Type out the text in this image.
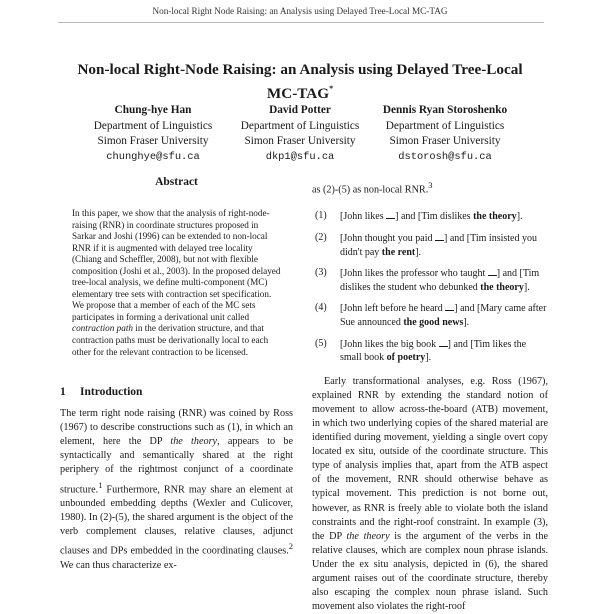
Non-local Right Node Raising: an Analysis using Delayed Tree-Local MC-TAG
Non-local Right-Node Raising: an Analysis using Delayed Tree-Local
MC-TAG*
Chung-hye Han
Department of Linguistics
Simon Fraser University
chunghye@sfu.ca
David Potter
Department of Linguistics
Simon Fraser University
dkp1@sfu.ca
Dennis Ryan Storoshenko
Department of Linguistics
Simon Fraser University
dstorosh@sfu.ca
Abstract
In this paper, we show that the analysis of right-node-raising (RNR) in coordinate structures proposed in Sarkar and Joshi (1996) can be extended to non-local RNR if it is augmented with delayed tree locality (Chiang and Scheffler, 2008), but not with flexible composition (Joshi et al., 2003). In the proposed delayed tree-local analysis, we define multi-component (MC) elementary tree sets with contraction set specification. We propose that a member of each of the MC sets participates in forming a derivational unit called contraction path in the derivation structure, and that contraction paths must be derivationally local to each other for the relevant contraction to be licensed.
1 Introduction
The term right node raising (RNR) was coined by Ross (1967) to describe constructions such as (1), in which an element, here the DP the theory, appears to be syntactically and semantically shared at the right periphery of the rightmost conjunct of a coordinate structure.$^1$ Furthermore, RNR may share an element at unbounded embedding depths (Wexler and Culicover, 1980). In (2)-(5), the shared argument is the object of the verb complement clauses, relative clauses, adjunct clauses and DPs embedded in the coordinating clauses.$^2$ We can thus characterize ex-
as (2)-(5) as non-local RNR.$^3$
(1)	[John likes ] and [Tim dislikes the theory].
(2)	[John thought you paid ] and [Tim insisted you didn't pay the rent].
(3)	[John likes the professor who taught ] and [Tim dislikes the student who debunked the theory].
(4)	[John left before he heard ] and [Mary came after Sue announced the good news].
(5)	[John likes the big book ] and [Tim likes the small book of poetry].
Early transformational analyses, e.g. Ross (1967), explained RNR by extending the standard notion of movement to allow across-the-board (ATB) movement, in which two underlying copies of the shared material are identified during movement, yielding a single overt copy located ex situ, outside of the coordinate structure. This type of analysis implies that, apart from the ATB aspect of the movement, RNR should otherwise behave as typical movement. This prediction is not borne out, however, as RNR is freely able to violate both the island constraints and the right-roof constraint. In example (3), the DP the theory is the argument of the verbs in the relative clauses, which are complex noun phrase islands. Under the ex situ analysis, depicted in (6), the shared argument raises out of the coordinate structure, thereby also escaping the complex noun phrase island. Such movement also violates the right-roof
